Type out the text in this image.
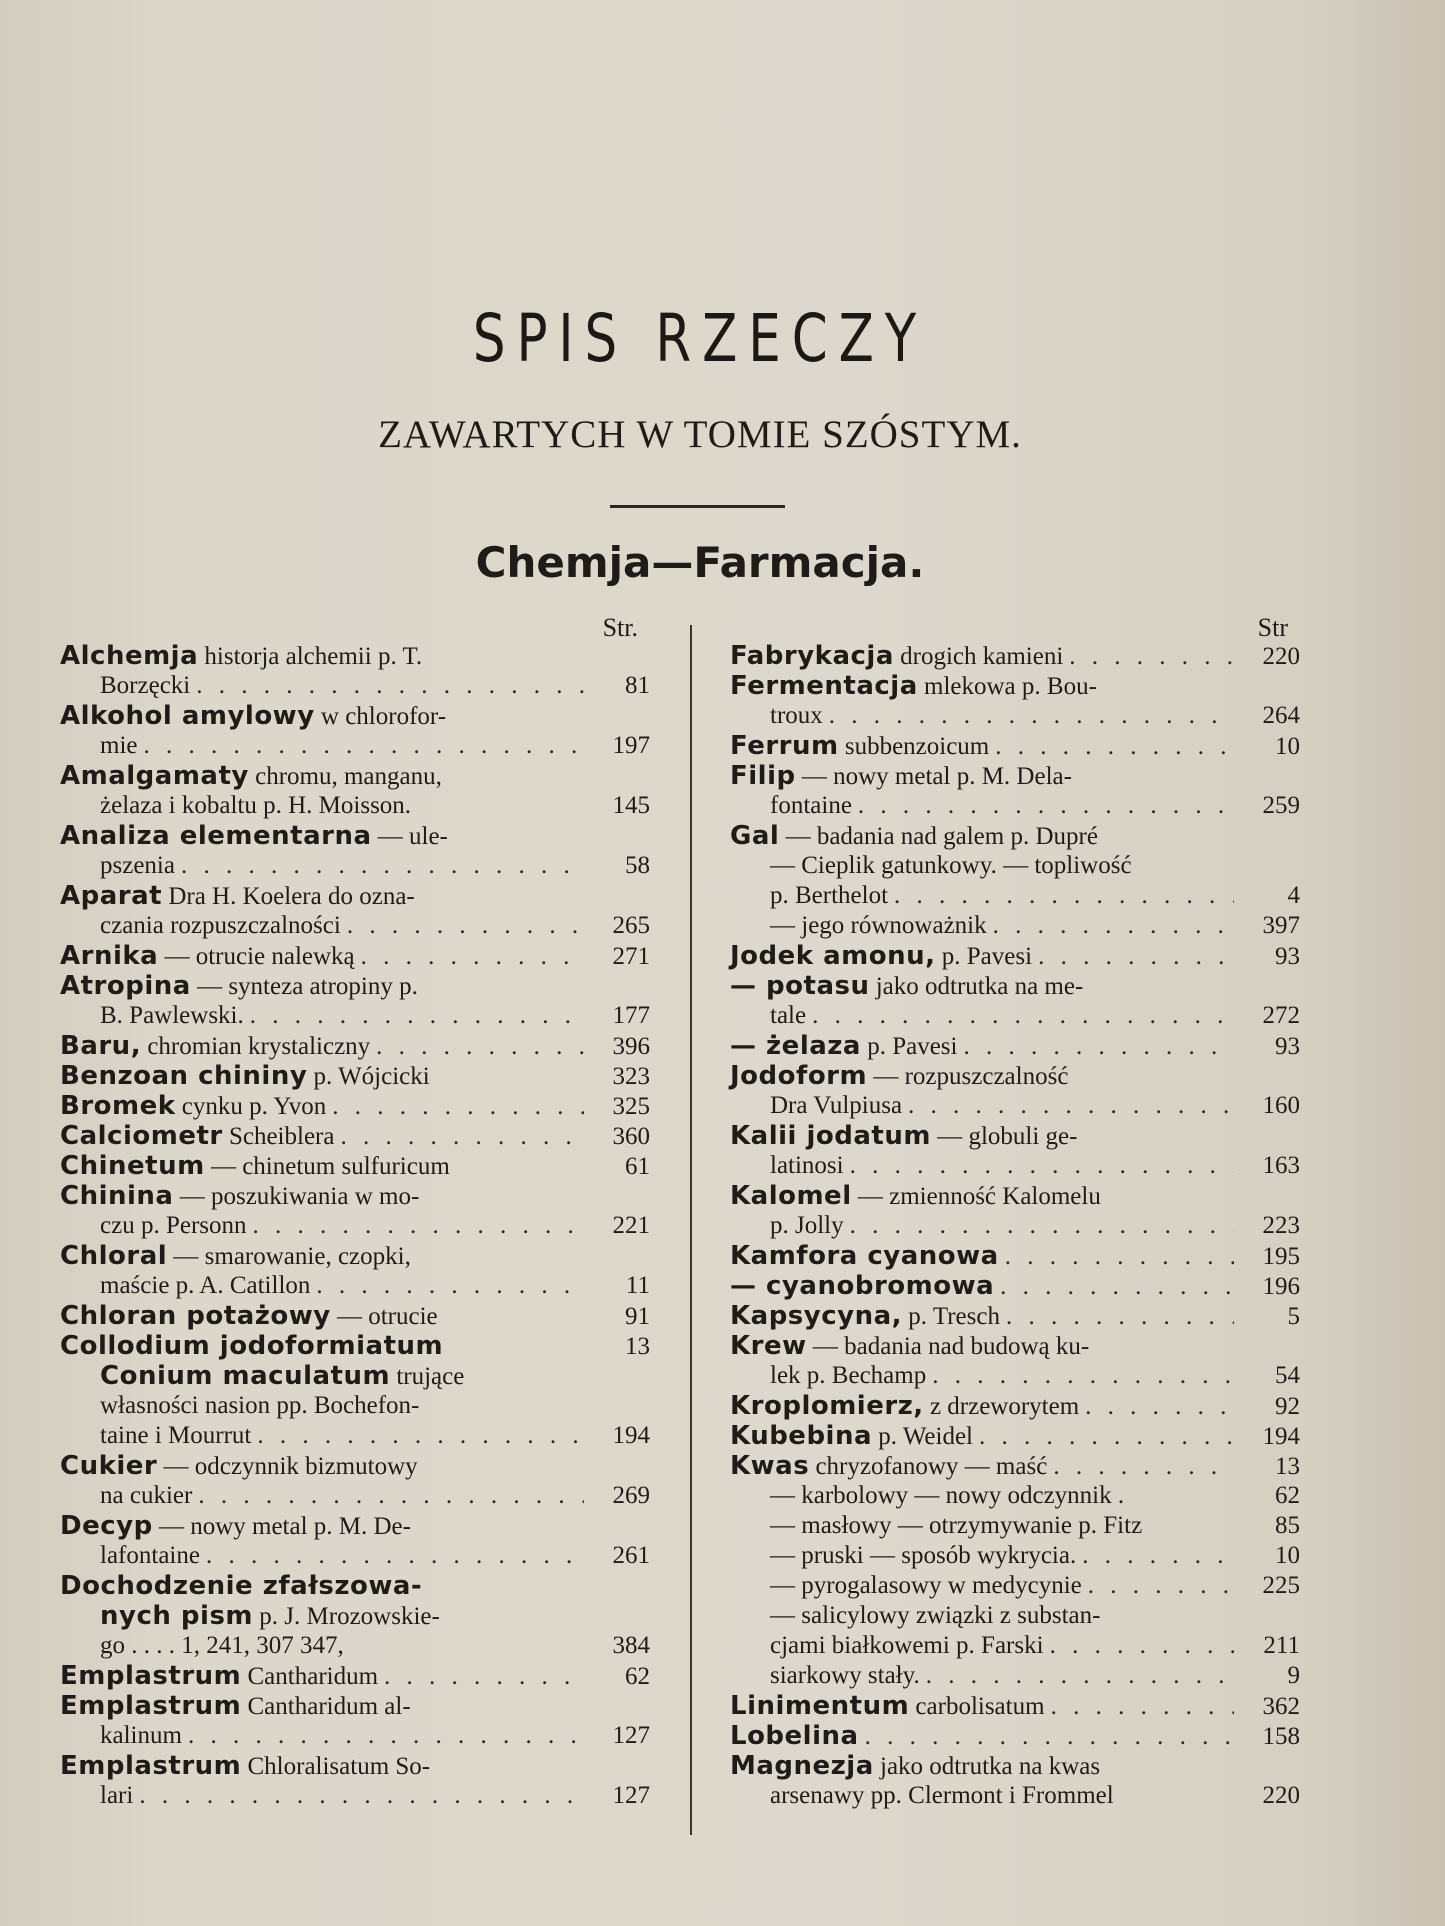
SPIS RZECZY
ZAWARTYCH W TOMIE SZÓSTYM.
Chemja—Farmacja.
Str.
Alchemja historja alchemii p. T.
Borzęcki . . .	81
Alkohol amylowy w chlorofor-
mie . . .	197
Amalgamaty chromu, manganu,
żelaza i kobaltu p. H. Moisson.	145
Analiza elementarna — ulе-
pszenia . . .	58
Aparat Dra H. Koelera do ozna-
czania rozpuszczalności . . .	265
Arnika — otrucie nalewką . . .	271
Atropina — synteza atropiny p.
B. Pawlewski. . . .	177
Baru, chromian krystaliczny . . .	396
Benzoan chininy p. Wójcicki	323
Bromek cynku p. Yvon . . .	325
Calciometr Scheiblera . . .	360
Chinetum — chinetum sulfuricum	61
Chinina — poszukiwania w mo-
czu p. Personn . . .	221
Chloral — smarowanie, czopki,
maście p. A. Catillon . . .	11
Chloran potażowy — otrucie	91
Collodium jodoformiatum	13
Conium maculatum trujące
własności nasion pp. Bochefon-
taine i Mourrut . . .	194
Cukier — odczynnik bizmutowy
na cukier . . .	269
Decyp — nowy metal p. M. De-
lafontaine . . .	261
Dochodzenie zfałszowa-
nych pism p. J. Mrozowskie-
go . . . . 1, 241, 307 347,	384
Emplastrum Cantharidum . . .	62
Emplastrum Cantharidum al-
kalinum . . .	127
Emplastrum Chloralisatum So-
lari . . .	127
Str
Fabrykacja drogich kamieni . . .	220
Fermentacja mlekowa p. Bou-
troux . . .	264
Ferrum subbenzoicum . . .	10
Filip — nowy metal p. M. Dela-
fontaine . . .	259
Gal — badania nad galem p. Dupré
— Cieplik gatunkowy. — topliwość
p. Berthelot . . .	4
— jego równoważnik . . .	397
Jodek amonu, p. Pavesi . . .	93
— potasu jako odtrutka na me-
tale . . .	272
— żelaza p. Pavesi . . .	93
Jodoform — rozpuszczalność
Dra Vulpiusa . . .	160
Kalii jodatum — globuli ge-
latinosi . . .	163
Kalomel — zmienność Kalomelu
p. Jolly . . .	223
Kamfora cyanowa . . .	195
— cyanobromowa . . .	196
Kapsycyna, p. Tresch . . .	5
Krew — badania nad budową ku-
lek p. Bechamp . . .	54
Kroplomierz, z drzeworytem . . .	92
Kubebina p. Weidel . . .	194
Kwas chryzofanowy — maść . . .	13
— karbolowy — nowy odczynnik .	62
— masłowy — otrzymywanie p. Fitz	85
— pruski — sposób wykrycia. . . .	10
— pyrogalasowy w medycynie . . .	225
— salicylowy związki z substan-
cjami białkowemi p. Farski . . .	211
siarkowy stały. . . .	9
Linimentum carbolisatum . . .	362
Lobelina . . .	158
Magnezja jako odtrutka na kwas
arsenawy pp. Clermont i Frommel	220
